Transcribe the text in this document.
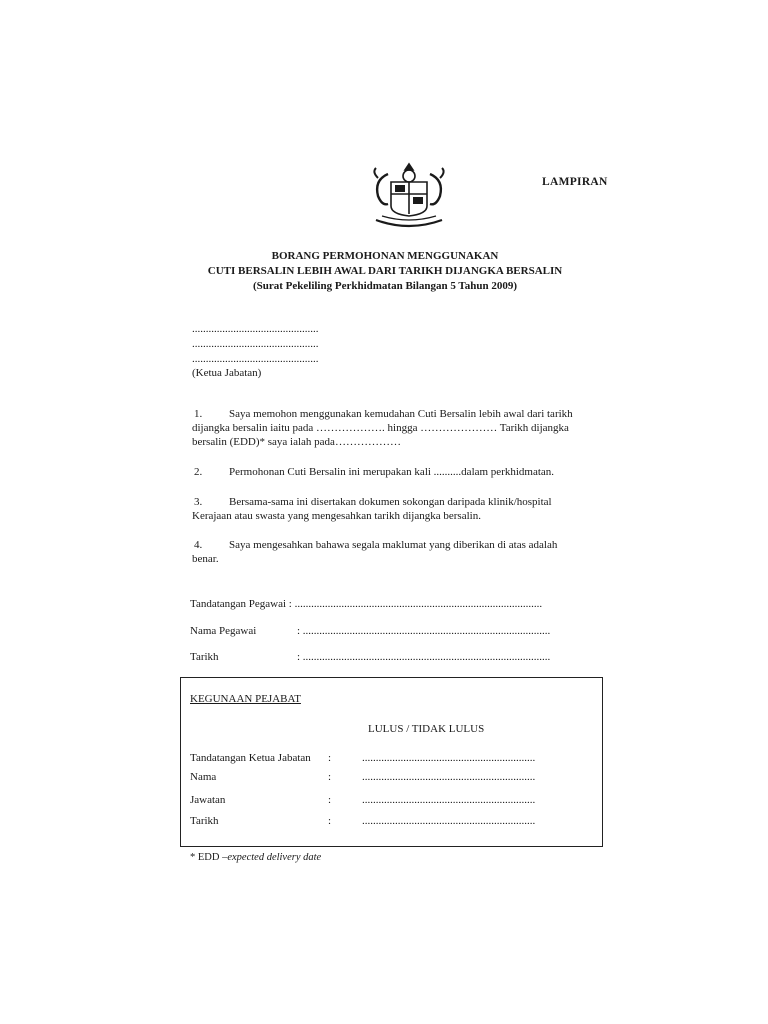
LAMPIRAN
BORANG PERMOHONAN MENGGUNAKAN
CUTI BERSALIN LEBIH AWAL DARI TARIKH DIJANGKA BERSALIN
(Surat Pekeliling Perkhidmatan Bilangan 5 Tahun 2009)
..............................................
..............................................
..............................................
(Ketua Jabatan)
1. Saya memohon menggunakan kemudahan Cuti Bersalin lebih awal dari tarikh
dijangka bersalin iaitu pada ………………. hingga ………………… Tarikh dijangka
bersalin (EDD)* saya ialah pada………………
2. Permohonan Cuti Bersalin ini merupakan kali ..........dalam perkhidmatan.
3. Bersama-sama ini disertakan dokumen sokongan daripada klinik/hospital
Kerajaan atau swasta yang mengesahkan tarikh dijangka bersalin.
4. Saya mengesahkan bahawa segala maklumat yang diberikan di atas adalah
benar.
Tandatangan Pegawai : ..........................................................................................
Nama Pegawai	: ..........................................................................................
Tarikh	: ..........................................................................................
KEGUNAAN PEJABAT
LULUS / TIDAK LULUS
Tandatangan Ketua Jabatan :	...............................................................
Nama	:	...............................................................
Jawatan	:	...............................................................
Tarikh	:	...............................................................
* EDD –expected delivery date
